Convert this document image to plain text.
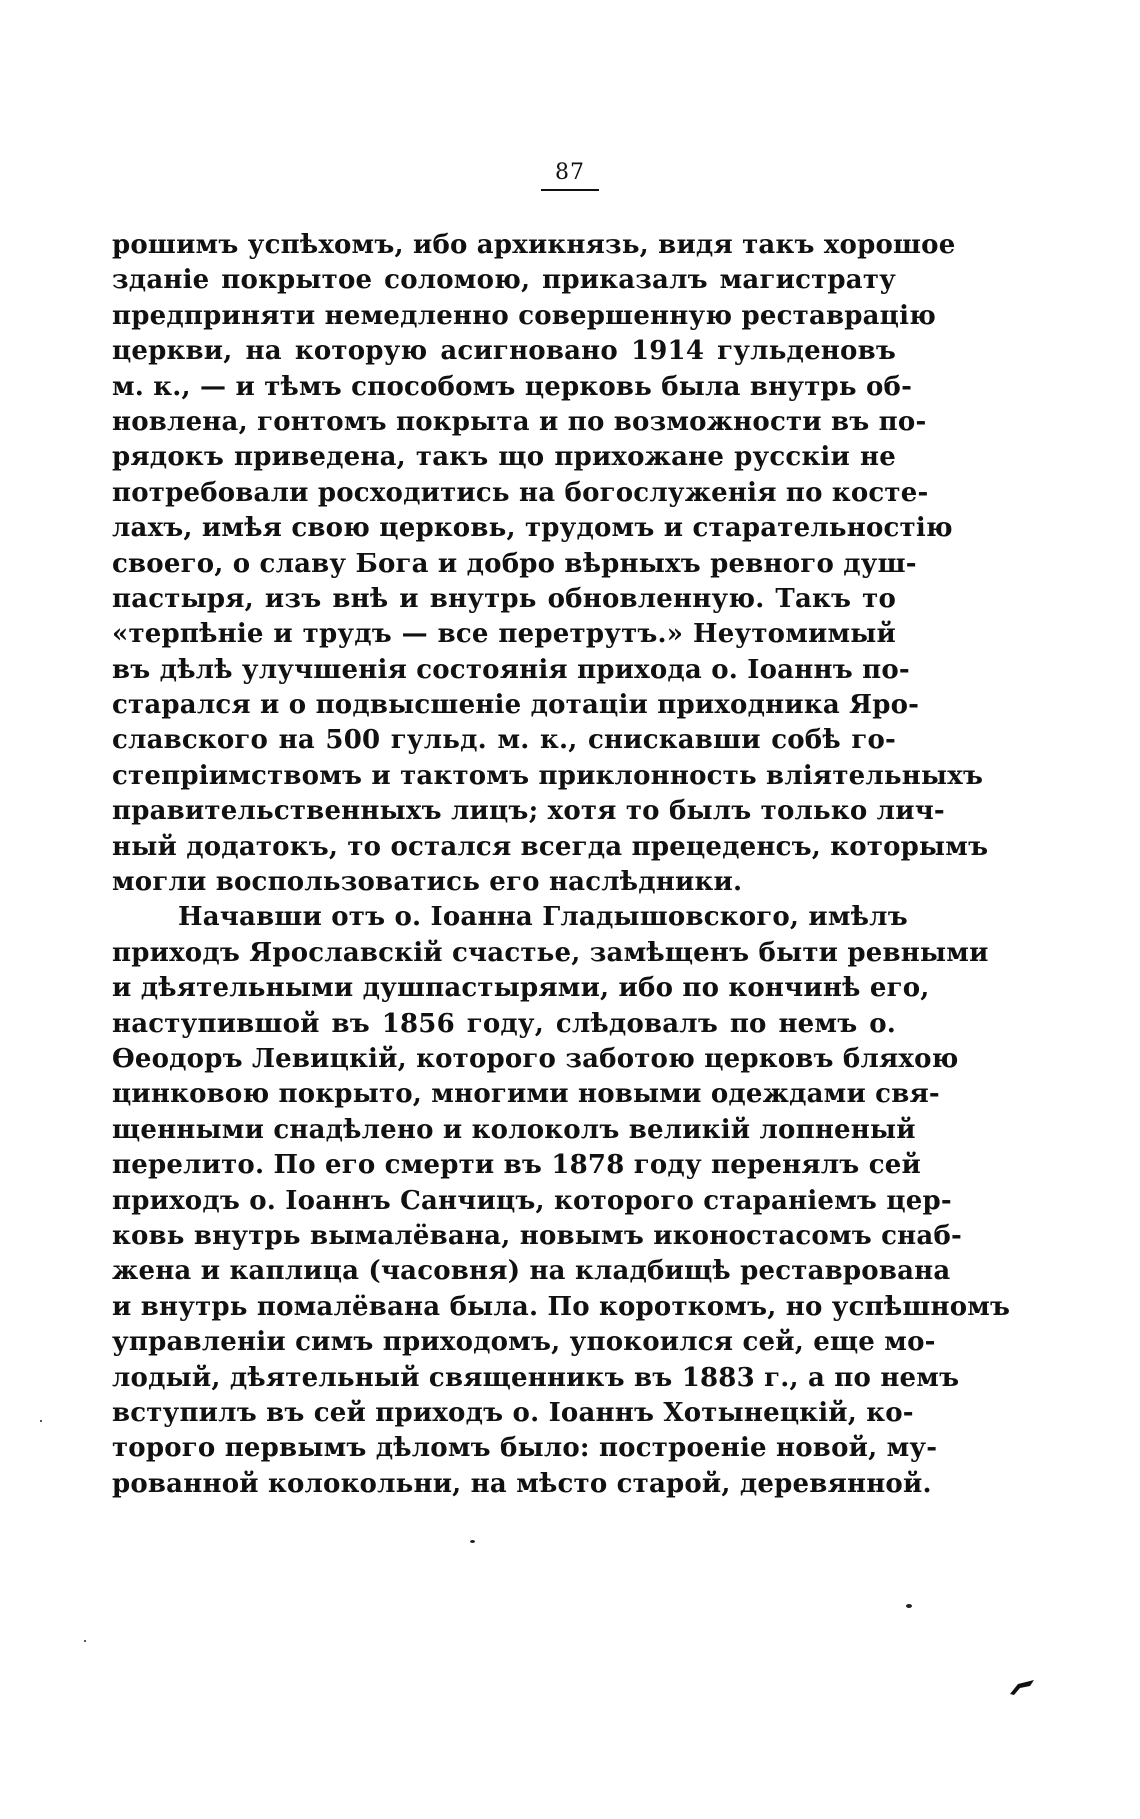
87
рошимъ успѣхомъ, ибо архикнязь, видя такъ хорошое
зданіе покрытое соломою, приказалъ магистрату
предприняти немедленно совершенную реставрацію
церкви, на которую асигновано 1914 гульденовъ
м. к., — и тѣмъ способомъ церковь была внутрь об-
новлена, гонтомъ покрыта и по возможности въ по-
рядокъ приведена, такъ що прихожане русскіи не
потребовали росходитись на богослуженія по косте-
лахъ, имѣя свою церковь, трудомъ и старательностію
своего, о славу Бога и добро вѣрныхъ ревного душ-
пастыря, изъ внѣ и внутрь обновленную. Такъ то
«терпѣніе и трудъ — все перетрутъ.» Неутомимый
въ дѣлѣ улучшенія состоянія прихода о. Іоаннъ по-
старался и о подвысшеніе дотаціи приходника Яро-
славского на 500 гульд. м. к., снискавши собѣ го-
степріимствомъ и тактомъ приклонность вліятельныхъ
правительственныхъ лицъ; хотя то былъ только лич-
ный додатокъ, то остался всегда прецеденсъ, которымъ
могли воспользоватись его наслѣдники.
Начавши отъ о. Іоанна Гладышовского, имѣлъ
приходъ Ярославскій счастье, замѣщенъ быти ревными
и дѣятельными душпастырями, ибо по кончинѣ его,
наступившой въ 1856 году, слѣдовалъ по немъ о.
Ѳеодоръ Левицкій, которого заботою церковъ бляхою
цинковою покрыто, многими новыми одеждами свя-
щенными снадѣлено и колоколъ великій лопненый
перелито. По его смерти въ 1878 году перенялъ сей
приходъ о. Іоаннъ Санчицъ, которого стараніемъ цер-
ковь внутрь вымалёвана, новымъ иконостасомъ снаб-
жена и каплица (часовня) на кладбищѣ реставрована
и внутрь помалёвана была. По короткомъ, но успѣшномъ
управленіи симъ приходомъ, упокоился сей, еще мо-
лодый, дѣятельный священникъ въ 1883 г., а по немъ
вступилъ въ сей приходъ о. Іоаннъ Хотынецкій, ко-
торого первымъ дѣломъ было: построеніе новой, му-
рованной колокольни, на мѣсто старой, деревянной.
